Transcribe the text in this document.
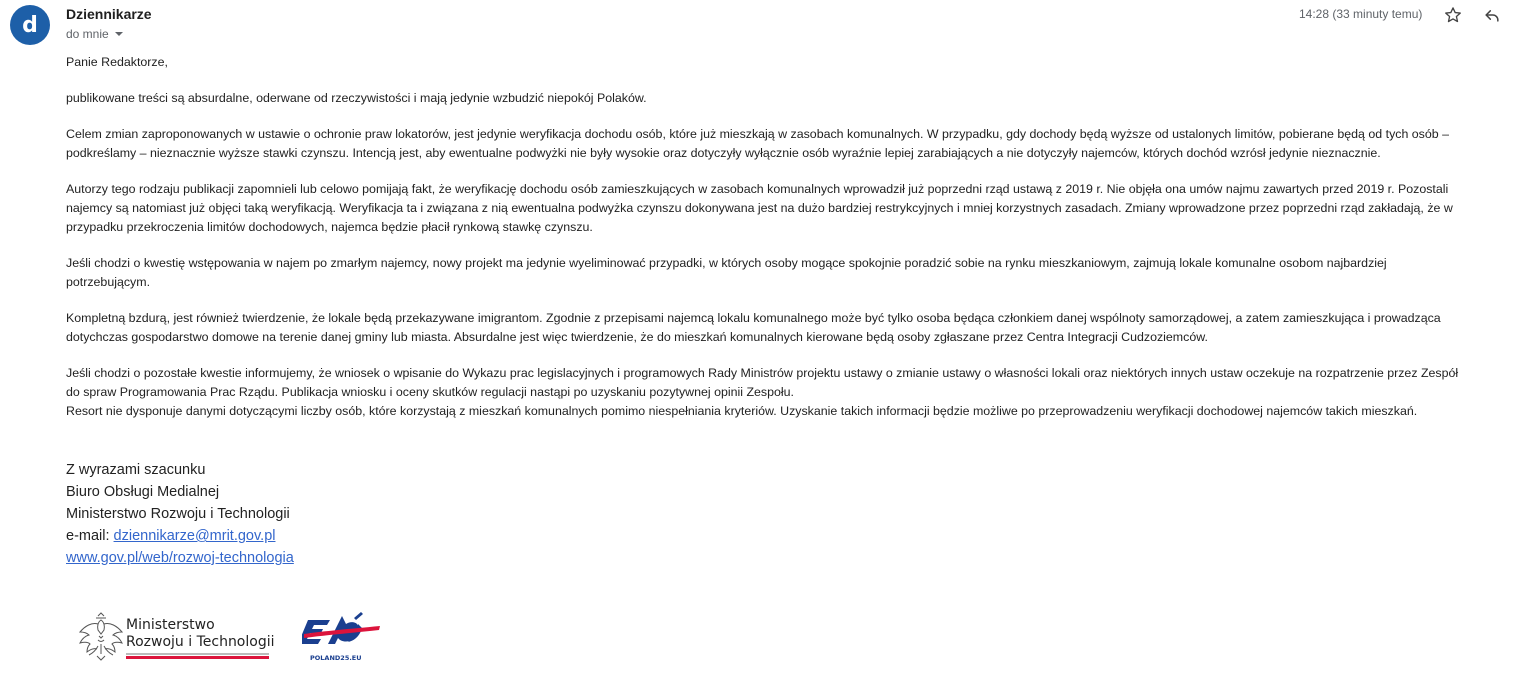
d Dziennikarze
do mnie
14:28 (33 minuty temu)

Panie Redaktorze,

publikowane treści są absurdalne, oderwane od rzeczywistości i mają jedynie wzbudzić niepokój Polaków.

Celem zmian zaproponowanych w ustawie o ochronie praw lokatorów, jest jedynie weryfikacja dochodu osób, które już mieszkają w zasobach komunalnych. W przypadku, gdy dochody będą wyższe od ustalonych limitów, pobierane będą od tych osób –

podkreślamy – nieznacznie wyższe stawki czynszu. Intencją jest, aby ewentualne podwyżki nie były wysokie oraz dotyczyły wyłącznie osób wyraźnie lepiej zarabiających a nie dotyczyły najemców, których dochód wzrósł jedynie nieznacznie.

Autorzy tego rodzaju publikacji zapomnieli lub celowo pomijają fakt, że weryfikację dochodu osób zamieszkujących w zasobach komunalnych wprowadził już poprzedni rząd ustawą z 2019 r. Nie objęła ona umów najmu zawartych przed 2019 r. Pozostali

najemcy są natomiast już objęci taką weryfikacją. Weryfikacja ta i związana z nią ewentualna podwyżka czynszu dokonywana jest na dużo bardziej restrykcyjnych i mniej korzystnych zasadach. Zmiany wprowadzone przez poprzedni rząd zakładają, że w

przypadku przekroczenia limitów dochodowych, najemca będzie płacił rynkową stawkę czynszu.

Jeśli chodzi o kwestię wstępowania w najem po zmarłym najemcy, nowy projekt ma jedynie wyeliminować przypadki, w których osoby mogące spokojnie poradzić sobie na rynku mieszkaniowym, zajmują lokale komunalne osobom najbardziej

potrzebującym.

Kompletną bzdurą, jest również twierdzenie, że lokale będą przekazywane imigrantom. Zgodnie z przepisami najemcą lokalu komunalnego może być tylko osoba będąca członkiem danej wspólnoty samorządowej, a zatem zamieszkująca i prowadząca

dotychczas gospodarstwo domowe na terenie danej gminy lub miasta. Absurdalne jest więc twierdzenie, że do mieszkań komunalnych kierowane będą osoby zgłaszane przez Centra Integracji Cudzoziemców.

Jeśli chodzi o pozostałe kwestie informujemy, że wniosek o wpisanie do Wykazu prac legislacyjnych i programowych Rady Ministrów projektu ustawy o zmianie ustawy o własności lokali oraz niektórych innych ustaw oczekuje na rozpatrzenie przez Zespół

do spraw Programowania Prac Rządu. Publikacja wniosku i oceny skutków regulacji nastąpi po uzyskaniu pozytywnej opinii Zespołu.

Resort nie dysponuje danymi dotyczącymi liczby osób, które korzystają z mieszkań komunalnych pomimo niespełniania kryteriów. Uzyskanie takich informacji będzie możliwe po przeprowadzeniu weryfikacji dochodowej najemców takich mieszkań.

Z wyrazami szacunku
Biuro Obsługi Medialnej
Ministerstwo Rozwoju i Technologii
e-mail: dziennikarze@mrit.gov.pl
www.gov.pl/web/rozwoj-technologia
Ministerstwo
Rozwoju i Technologii
POLAND25.EU
